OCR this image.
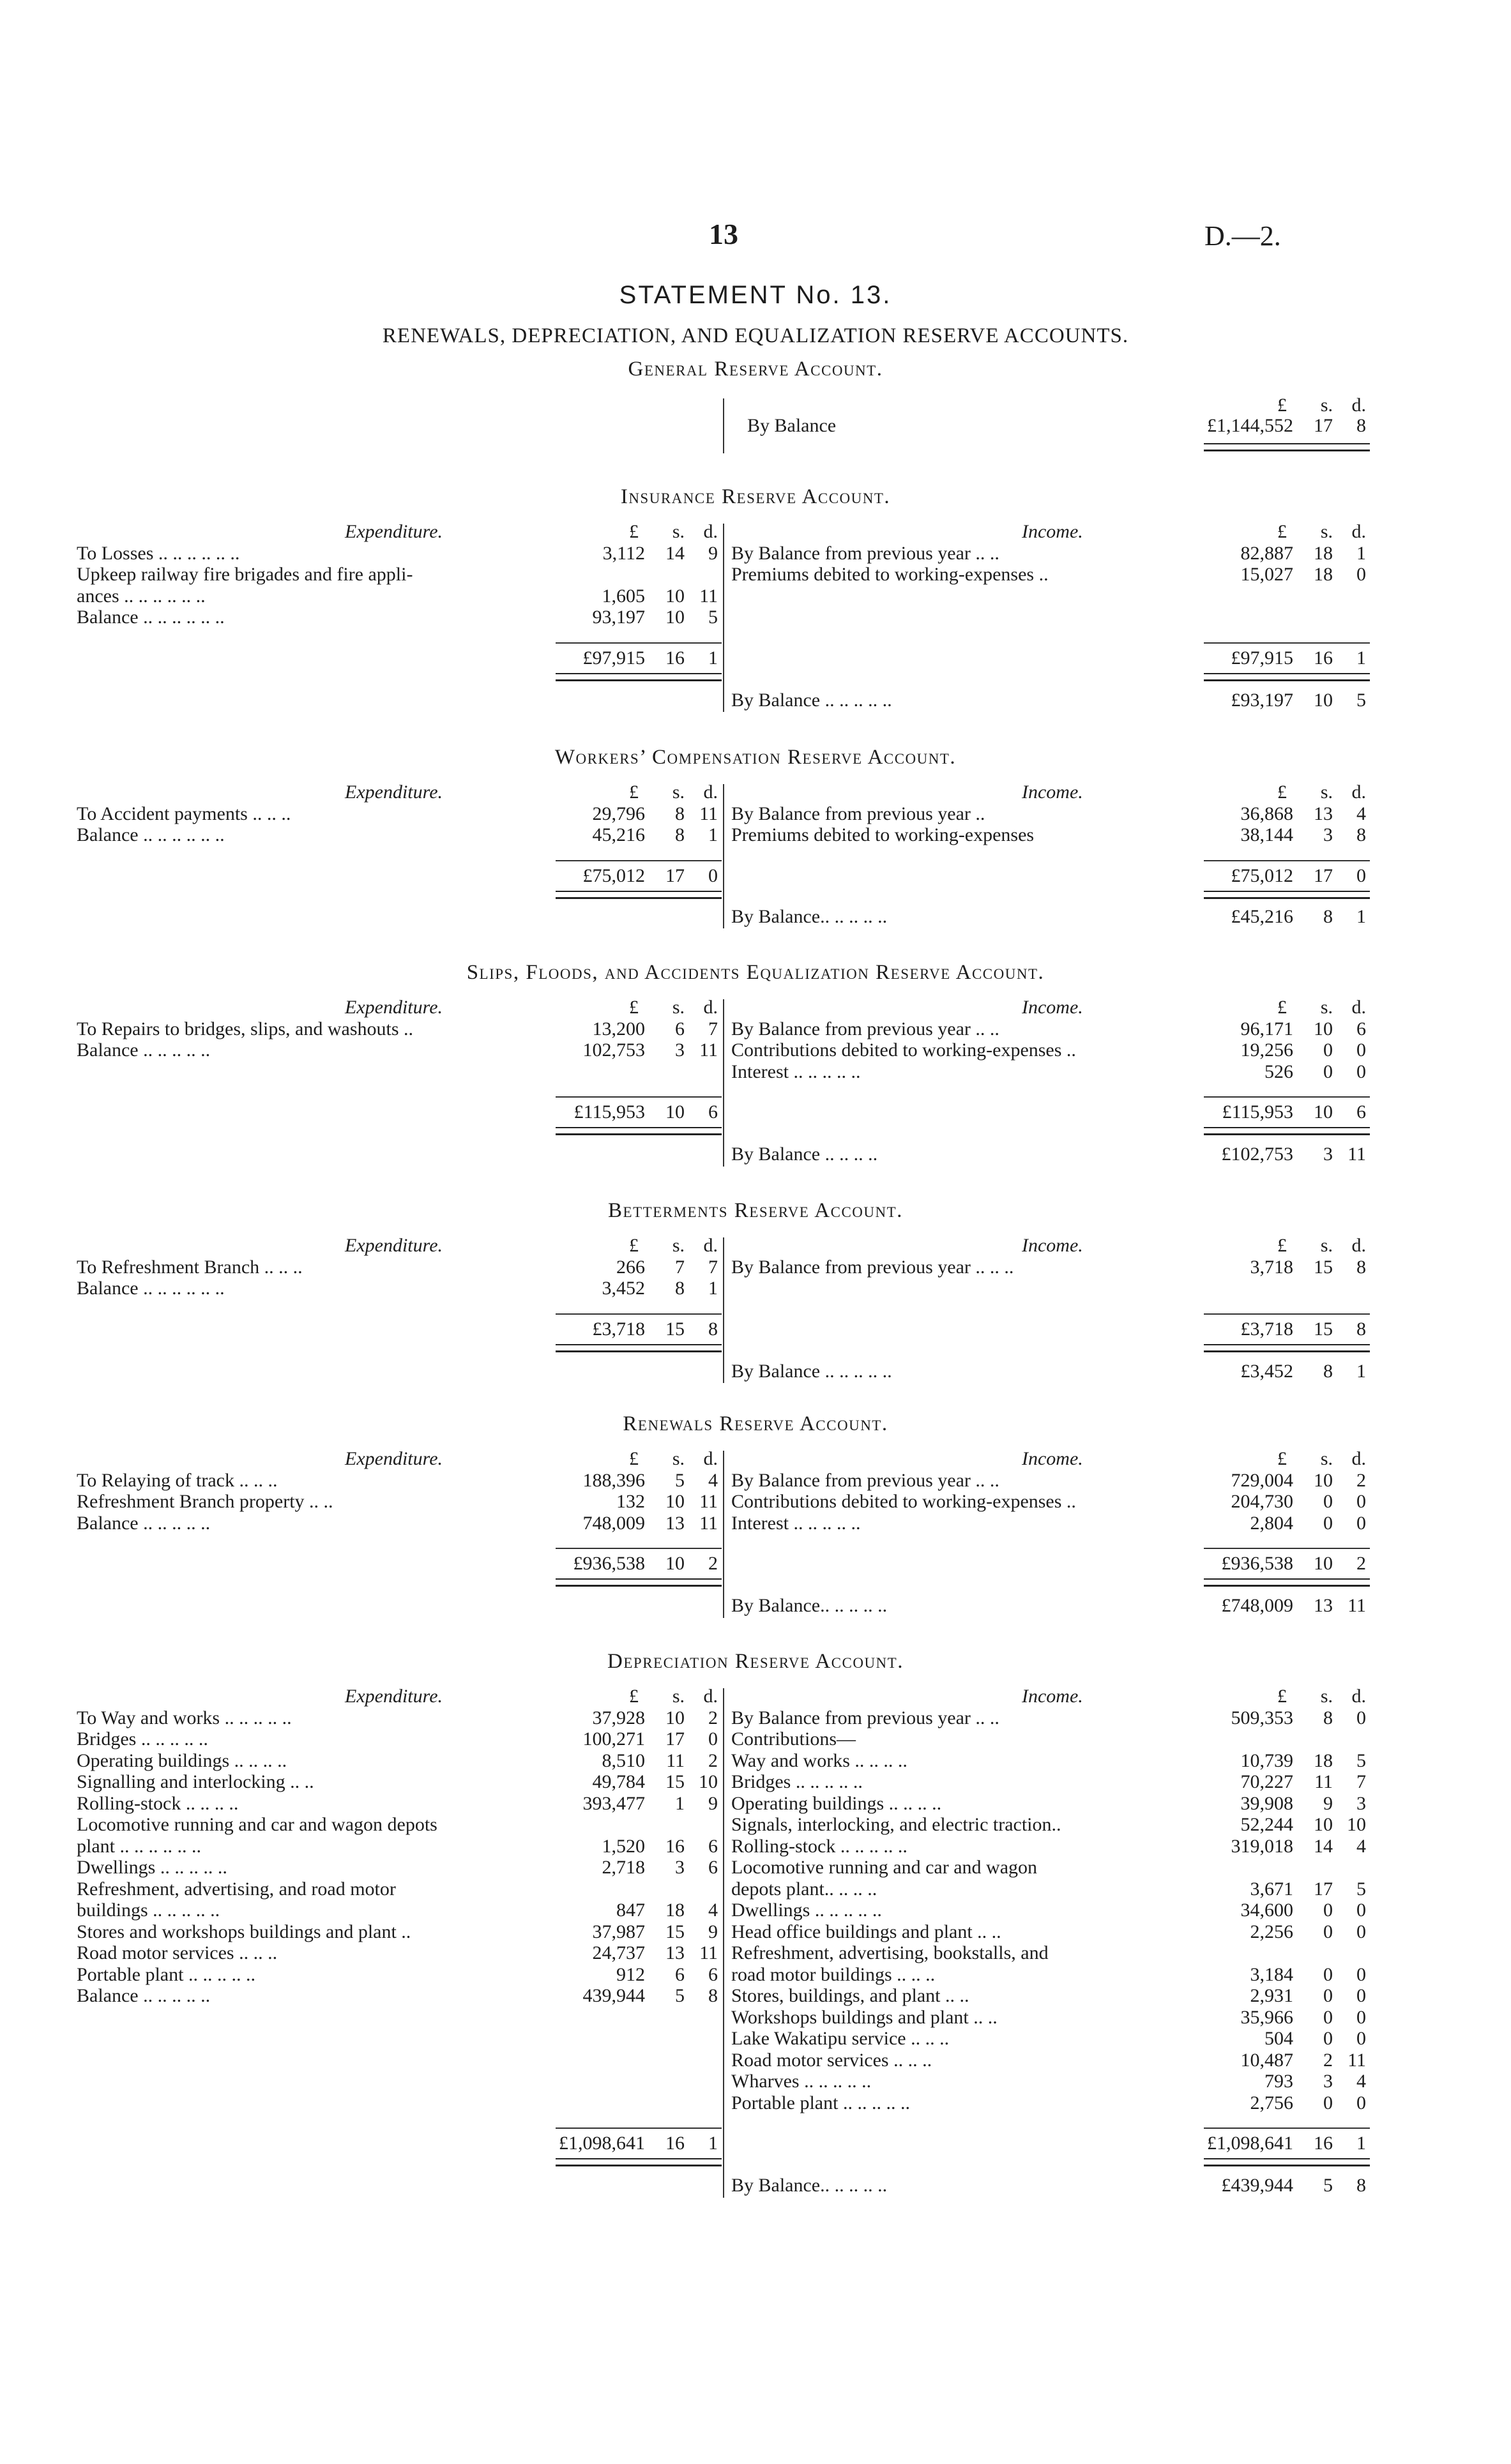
13	D.—2.
STATEMENT No. 13.
RENEWALS, DEPRECIATION, AND EQUALIZATION RESERVE ACCOUNTS.
General Reserve Account.
£ s. d.
By Balance	£1,144,552 17 8
Insurance Reserve Account.
Expenditure.	£ s. d.	Income.	£ s. d.
To Losses .. .. .. .. .. ..	3,112 14 9
Upkeep railway fire brigades and fire appli-
ances .. .. .. .. .. ..	1,605 10 11
Balance .. .. .. .. .. ..	93,197 10 5
By Balance from previous year .. ..	82,887 18 1
Premiums debited to working-expenses ..	15,027 18 0
£97,915 16 1	£97,915 16 1
By Balance .. .. .. .. ..	£93,197 10 5
Workers’ Compensation Reserve Account.
Expenditure.	£ s. d.	Income.	£ s. d.
To Accident payments .. .. ..	29,796 8 11
Balance .. .. .. .. .. ..	45,216 8 1
By Balance from previous year ..	36,868 13 4
Premiums debited to working-expenses	38,144 3 8
£75,012 17 0	£75,012 17 0
By Balance.. .. .. .. ..	£45,216 8 1
Slips, Floods, and Accidents Equalization Reserve Account.
Expenditure.	£ s. d.	Income.	£ s. d.
To Repairs to bridges, slips, and washouts ..	13,200 6 7
Balance .. .. .. .. ..	102,753 3 11
By Balance from previous year .. ..	96,171 10 6
Contributions debited to working-expenses ..	19,256 0 0
Interest .. .. .. .. ..	526 0 0
£115,953 10 6	£115,953 10 6
By Balance .. .. .. ..	£102,753 3 11
Betterments Reserve Account.
Expenditure.	£ s. d.	Income.	£ s. d.
To Refreshment Branch .. .. ..	266 7 7
Balance .. .. .. .. .. ..	3,452 8 1
By Balance from previous year .. .. ..	3,718 15 8
£3,718 15 8	£3,718 15 8
By Balance .. .. .. .. ..	£3,452 8 1
Renewals Reserve Account.
Expenditure.	£ s. d.	Income.	£ s. d.
To Relaying of track .. .. ..	188,396 5 4
Refreshment Branch property .. ..	132 10 11
Balance .. .. .. .. ..	748,009 13 11
By Balance from previous year .. ..	729,004 10 2
Contributions debited to working-expenses ..	204,730 0 0
Interest .. .. .. .. ..	2,804 0 0
£936,538 10 2	£936,538 10 2
By Balance.. .. .. .. ..	£748,009 13 11
Depreciation Reserve Account.
Expenditure.	£ s. d.	Income.	£ s. d.
To Way and works .. .. .. .. ..	37,928 10 2
Bridges .. .. .. .. ..	100,271 17 0
Operating buildings .. .. .. ..	8,510 11 2
Signalling and interlocking .. ..	49,784 15 10
Rolling-stock .. .. .. ..	393,477 1 9
Locomotive running and car and wagon depots
plant .. .. .. .. .. ..	1,520 16 6
Dwellings .. .. .. .. ..	2,718 3 6
Refreshment, advertising, and road motor
buildings .. .. .. .. ..	847 18 4
Stores and workshops buildings and plant ..	37,987 15 9
Road motor services .. .. ..	24,737 13 11
Portable plant .. .. .. .. ..	912 6 6
Balance .. .. .. .. ..	439,944 5 8
By Balance from previous year .. ..	509,353 8 0
Contributions—
Way and works .. .. .. ..	10,739 18 5
Bridges .. .. .. .. ..	70,227 11 7
Operating buildings .. .. .. ..	39,908 9 3
Signals, interlocking, and electric traction..	52,244 10 10
Rolling-stock .. .. .. .. ..	319,018 14 4
Locomotive running and car and wagon
depots plant.. .. .. ..	3,671 17 5
Dwellings .. .. .. .. ..	34,600 0 0
Head office buildings and plant .. ..	2,256 0 0
Refreshment, advertising, bookstalls, and
road motor buildings .. .. ..	3,184 0 0
Stores, buildings, and plant .. ..	2,931 0 0
Workshops buildings and plant .. ..	35,966 0 0
Lake Wakatipu service .. .. ..	504 0 0
Road motor services .. .. ..	10,487 2 11
Wharves .. .. .. .. ..	793 3 4
Portable plant .. .. .. .. ..	2,756 0 0
£1,098,641 16 1	£1,098,641 16 1
By Balance.. .. .. .. ..	£439,944 5 8
